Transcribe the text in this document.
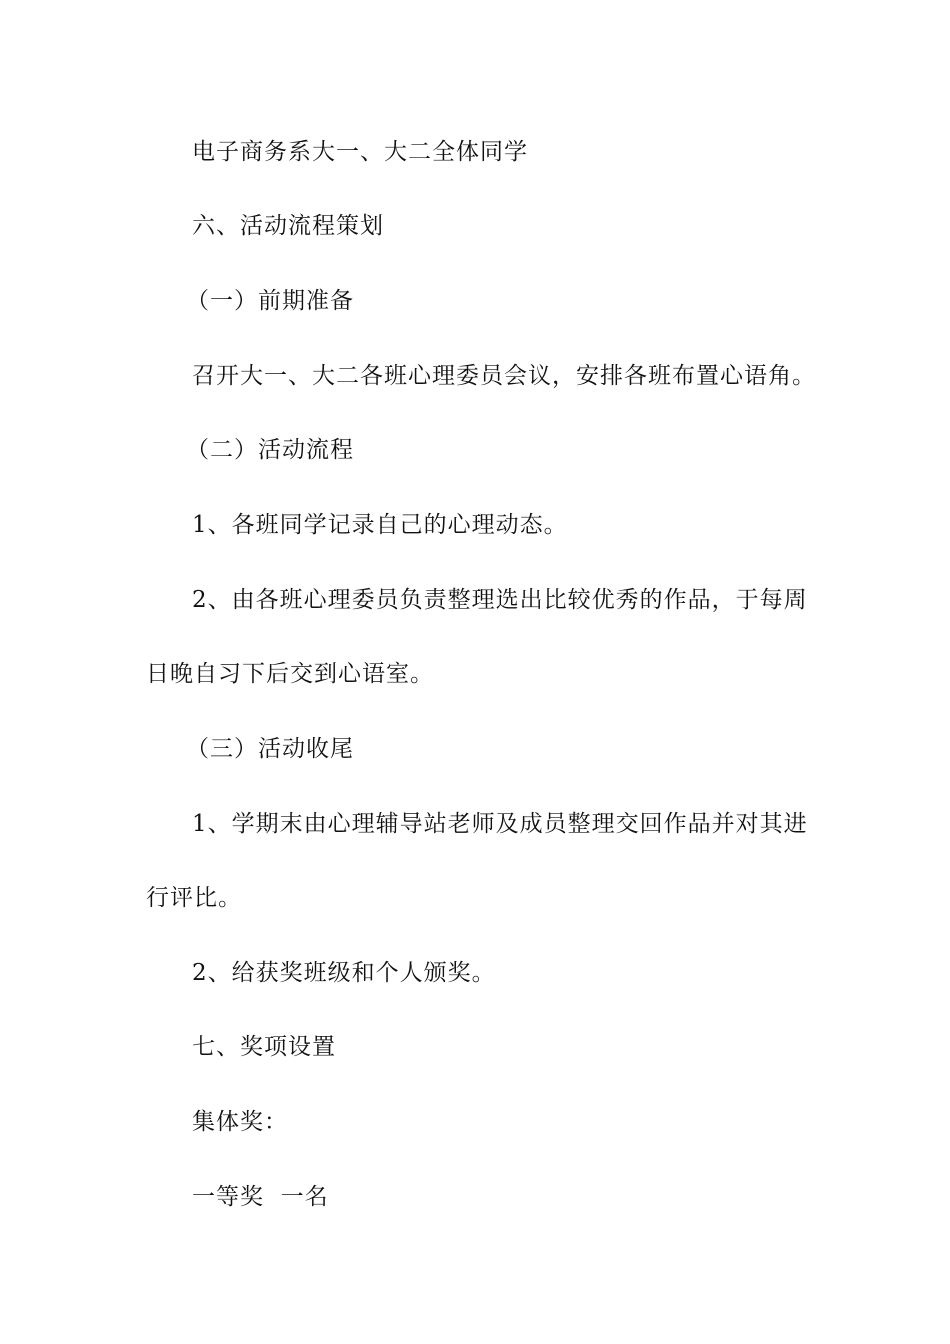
电子商务系大一、大二全体同学
六、活动流程策划
（一）前期准备
召开大一、大二各班心理委员会议，安排各班布置心语角。
（二）活动流程
1、各班同学记录自己的心理动态。
2、由各班心理委员负责整理选出比较优秀的作品，于每周
日晚自习下后交到心语室。
（三）活动收尾
1、学期末由心理辅导站老师及成员整理交回作品并对其进
行评比。
2、给获奖班级和个人颁奖。
七、奖项设置
集体奖：
一等奖  一名
